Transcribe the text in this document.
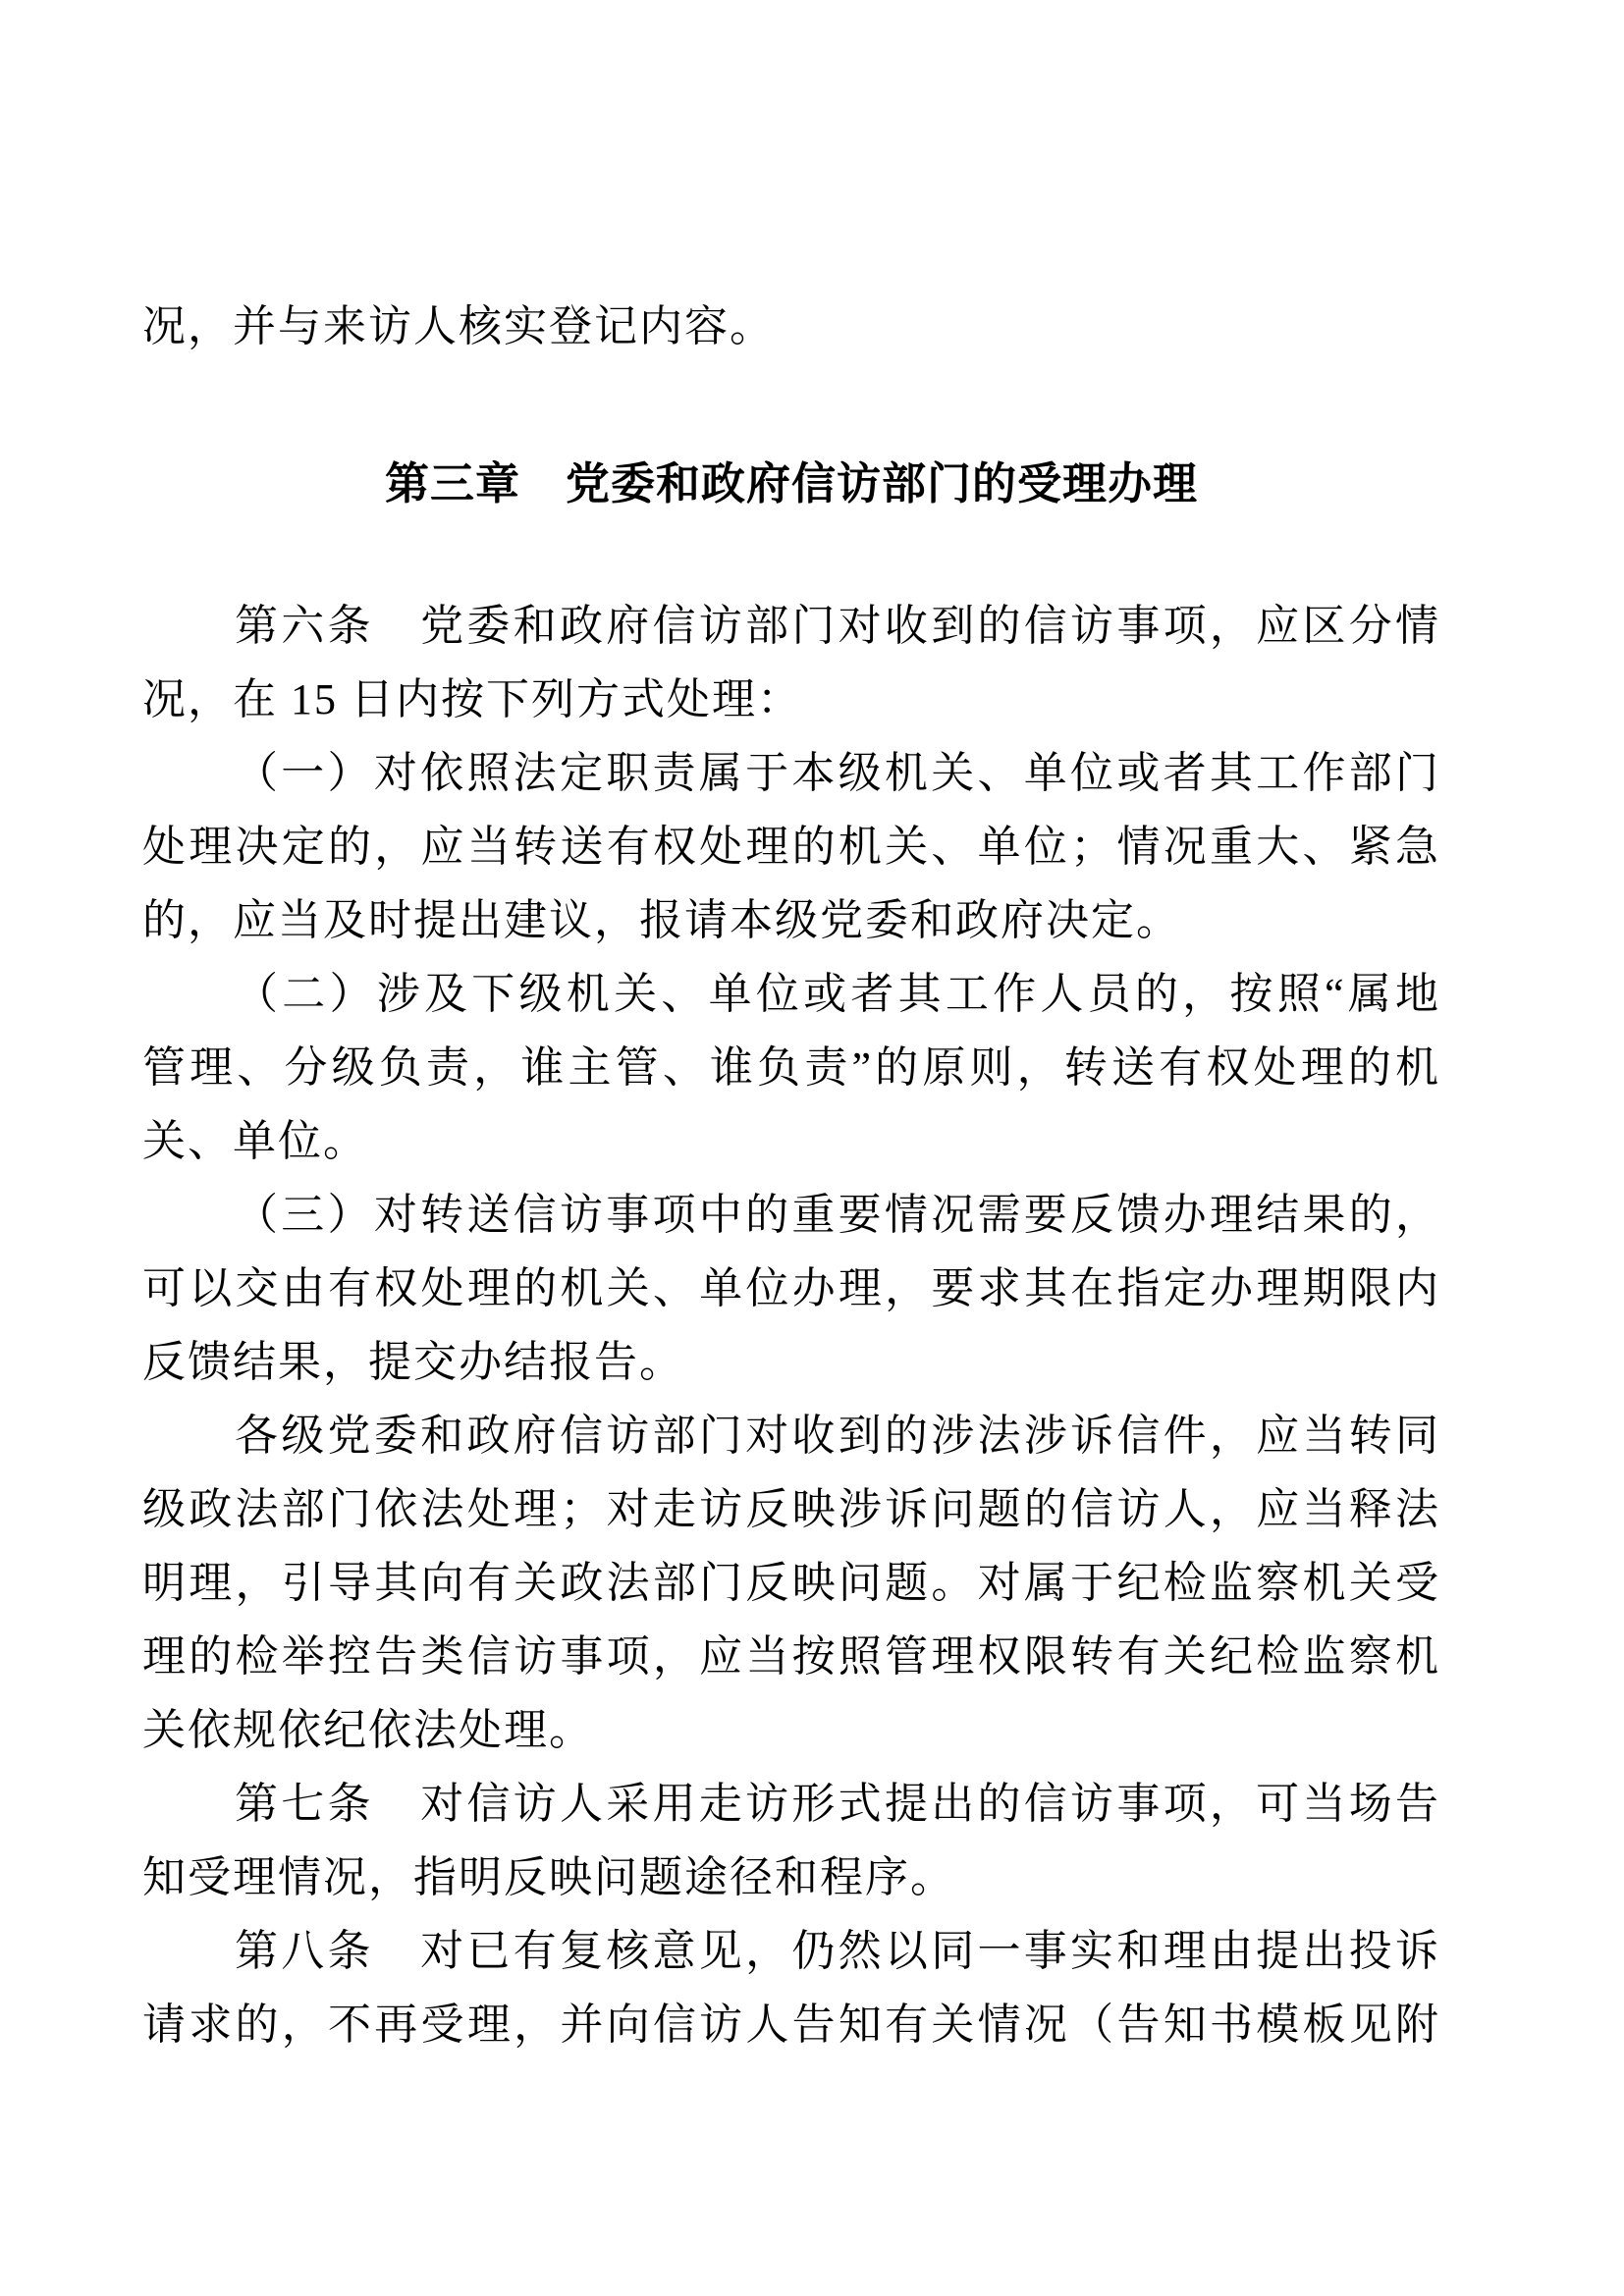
况，并与来访人核实登记内容。
第三章　党委和政府信访部门的受理办理
第六条　党委和政府信访部门对收到的信访事项，应区分情
况，在 15 日内按下列方式处理：
（一）对依照法定职责属于本级机关、单位或者其工作部门
处理决定的，应当转送有权处理的机关、单位；情况重大、紧急
的，应当及时提出建议，报请本级党委和政府决定。
（二）涉及下级机关、单位或者其工作人员的，按照“属地
管理、分级负责，谁主管、谁负责”的原则，转送有权处理的机
关、单位。
（三）对转送信访事项中的重要情况需要反馈办理结果的，
可以交由有权处理的机关、单位办理，要求其在指定办理期限内
反馈结果，提交办结报告。
各级党委和政府信访部门对收到的涉法涉诉信件，应当转同
级政法部门依法处理；对走访反映涉诉问题的信访人，应当释法
明理，引导其向有关政法部门反映问题。对属于纪检监察机关受
理的检举控告类信访事项，应当按照管理权限转有关纪检监察机
关依规依纪依法处理。
第七条　对信访人采用走访形式提出的信访事项，可当场告
知受理情况，指明反映问题途径和程序。
第八条　对已有复核意见，仍然以同一事实和理由提出投诉
请求的，不再受理，并向信访人告知有关情况（告知书模板见附
